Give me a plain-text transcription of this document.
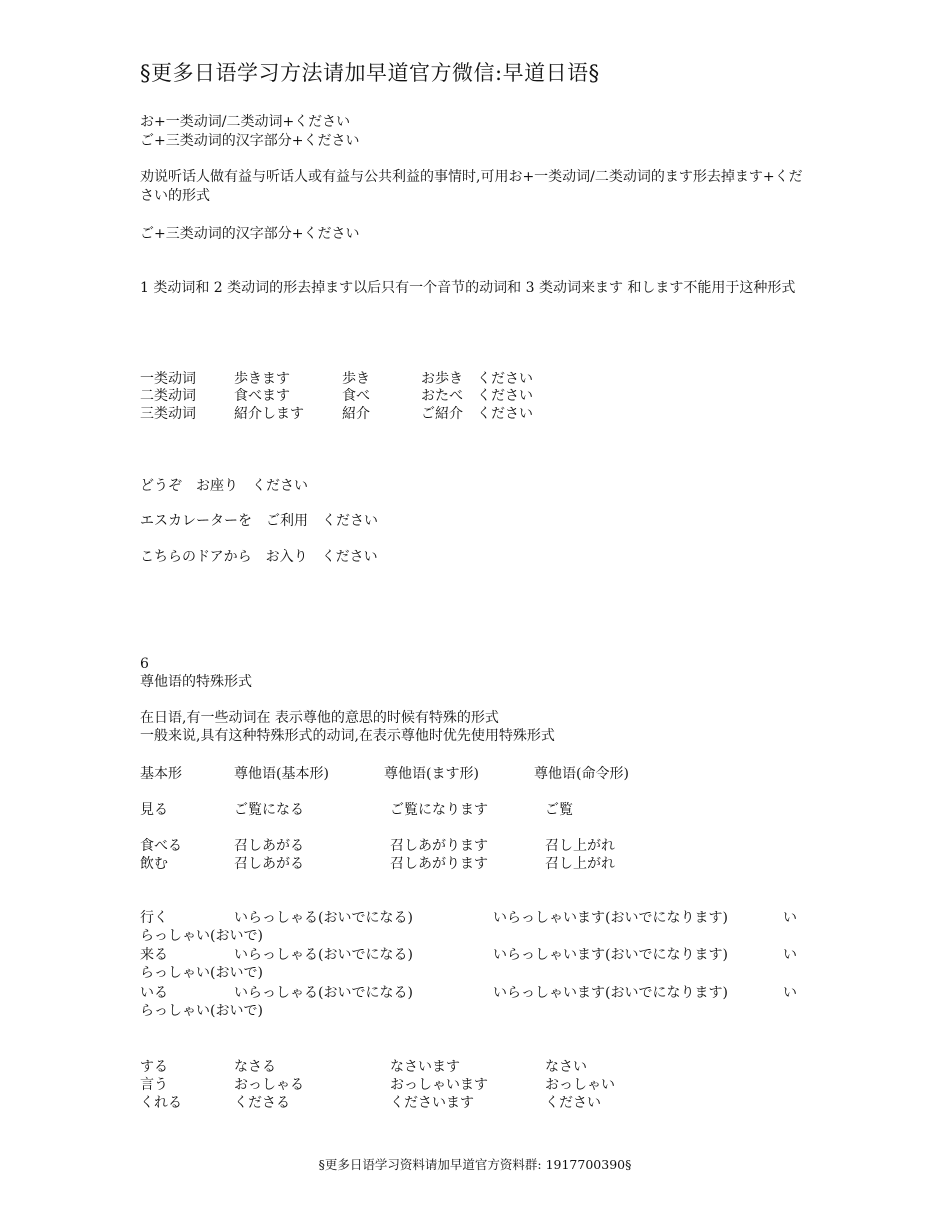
§更多日语学习方法请加早道官方微信:早道日语§
お+一类动词/二类动词+ください
ご+三类动词的汉字部分+ください
劝说听话人做有益与听话人或有益与公共利益的事情时,可用お+一类动词/二类动词的ます形去掉ます+ください的形式
ご+三类动词的汉字部分+ください
1 类动词和 2 类动词的形去掉ます以后只有一个音节的动词和 3 类动词来ます 和します不能用于这种形式
一类动词	歩きます	歩き	お歩き　ください
二类动词	食べます	食べ	おたべ　ください
三类动词	紹介します	紹介	ご紹介　ください
どうぞ　お座り　ください
エスカレーターを　ご利用　ください
こちらのドアから　お入り　ください
6
尊他语的特殊形式
在日语,有一些动词在 表示尊他的意思的时候有特殊的形式
一般来说,具有这种特殊形式的动词,在表示尊他时优先使用特殊形式
基本形	尊他语(基本形)	尊他语(ます形)	尊他语(命令形)
見る	ご覧になる	ご覧になります	ご覧
食べる	召しあがる	召しあがります	召し上がれ
飲む	召しあがる	召しあがります	召し上がれ
行く	いらっしゃる(おいでになる)	いらっしゃいます(おいでになります)	い
らっしゃい(おいで)
来る	いらっしゃる(おいでになる)	いらっしゃいます(おいでになります)	い
らっしゃい(おいで)
いる	いらっしゃる(おいでになる)	いらっしゃいます(おいでになります)	い
らっしゃい(おいで)
する	なさる	なさいます	なさい
言う	おっしゃる	おっしゃいます	おっしゃい
くれる	くださる	くださいます	ください
§更多日语学习资料请加早道官方资料群: 1917700390§
